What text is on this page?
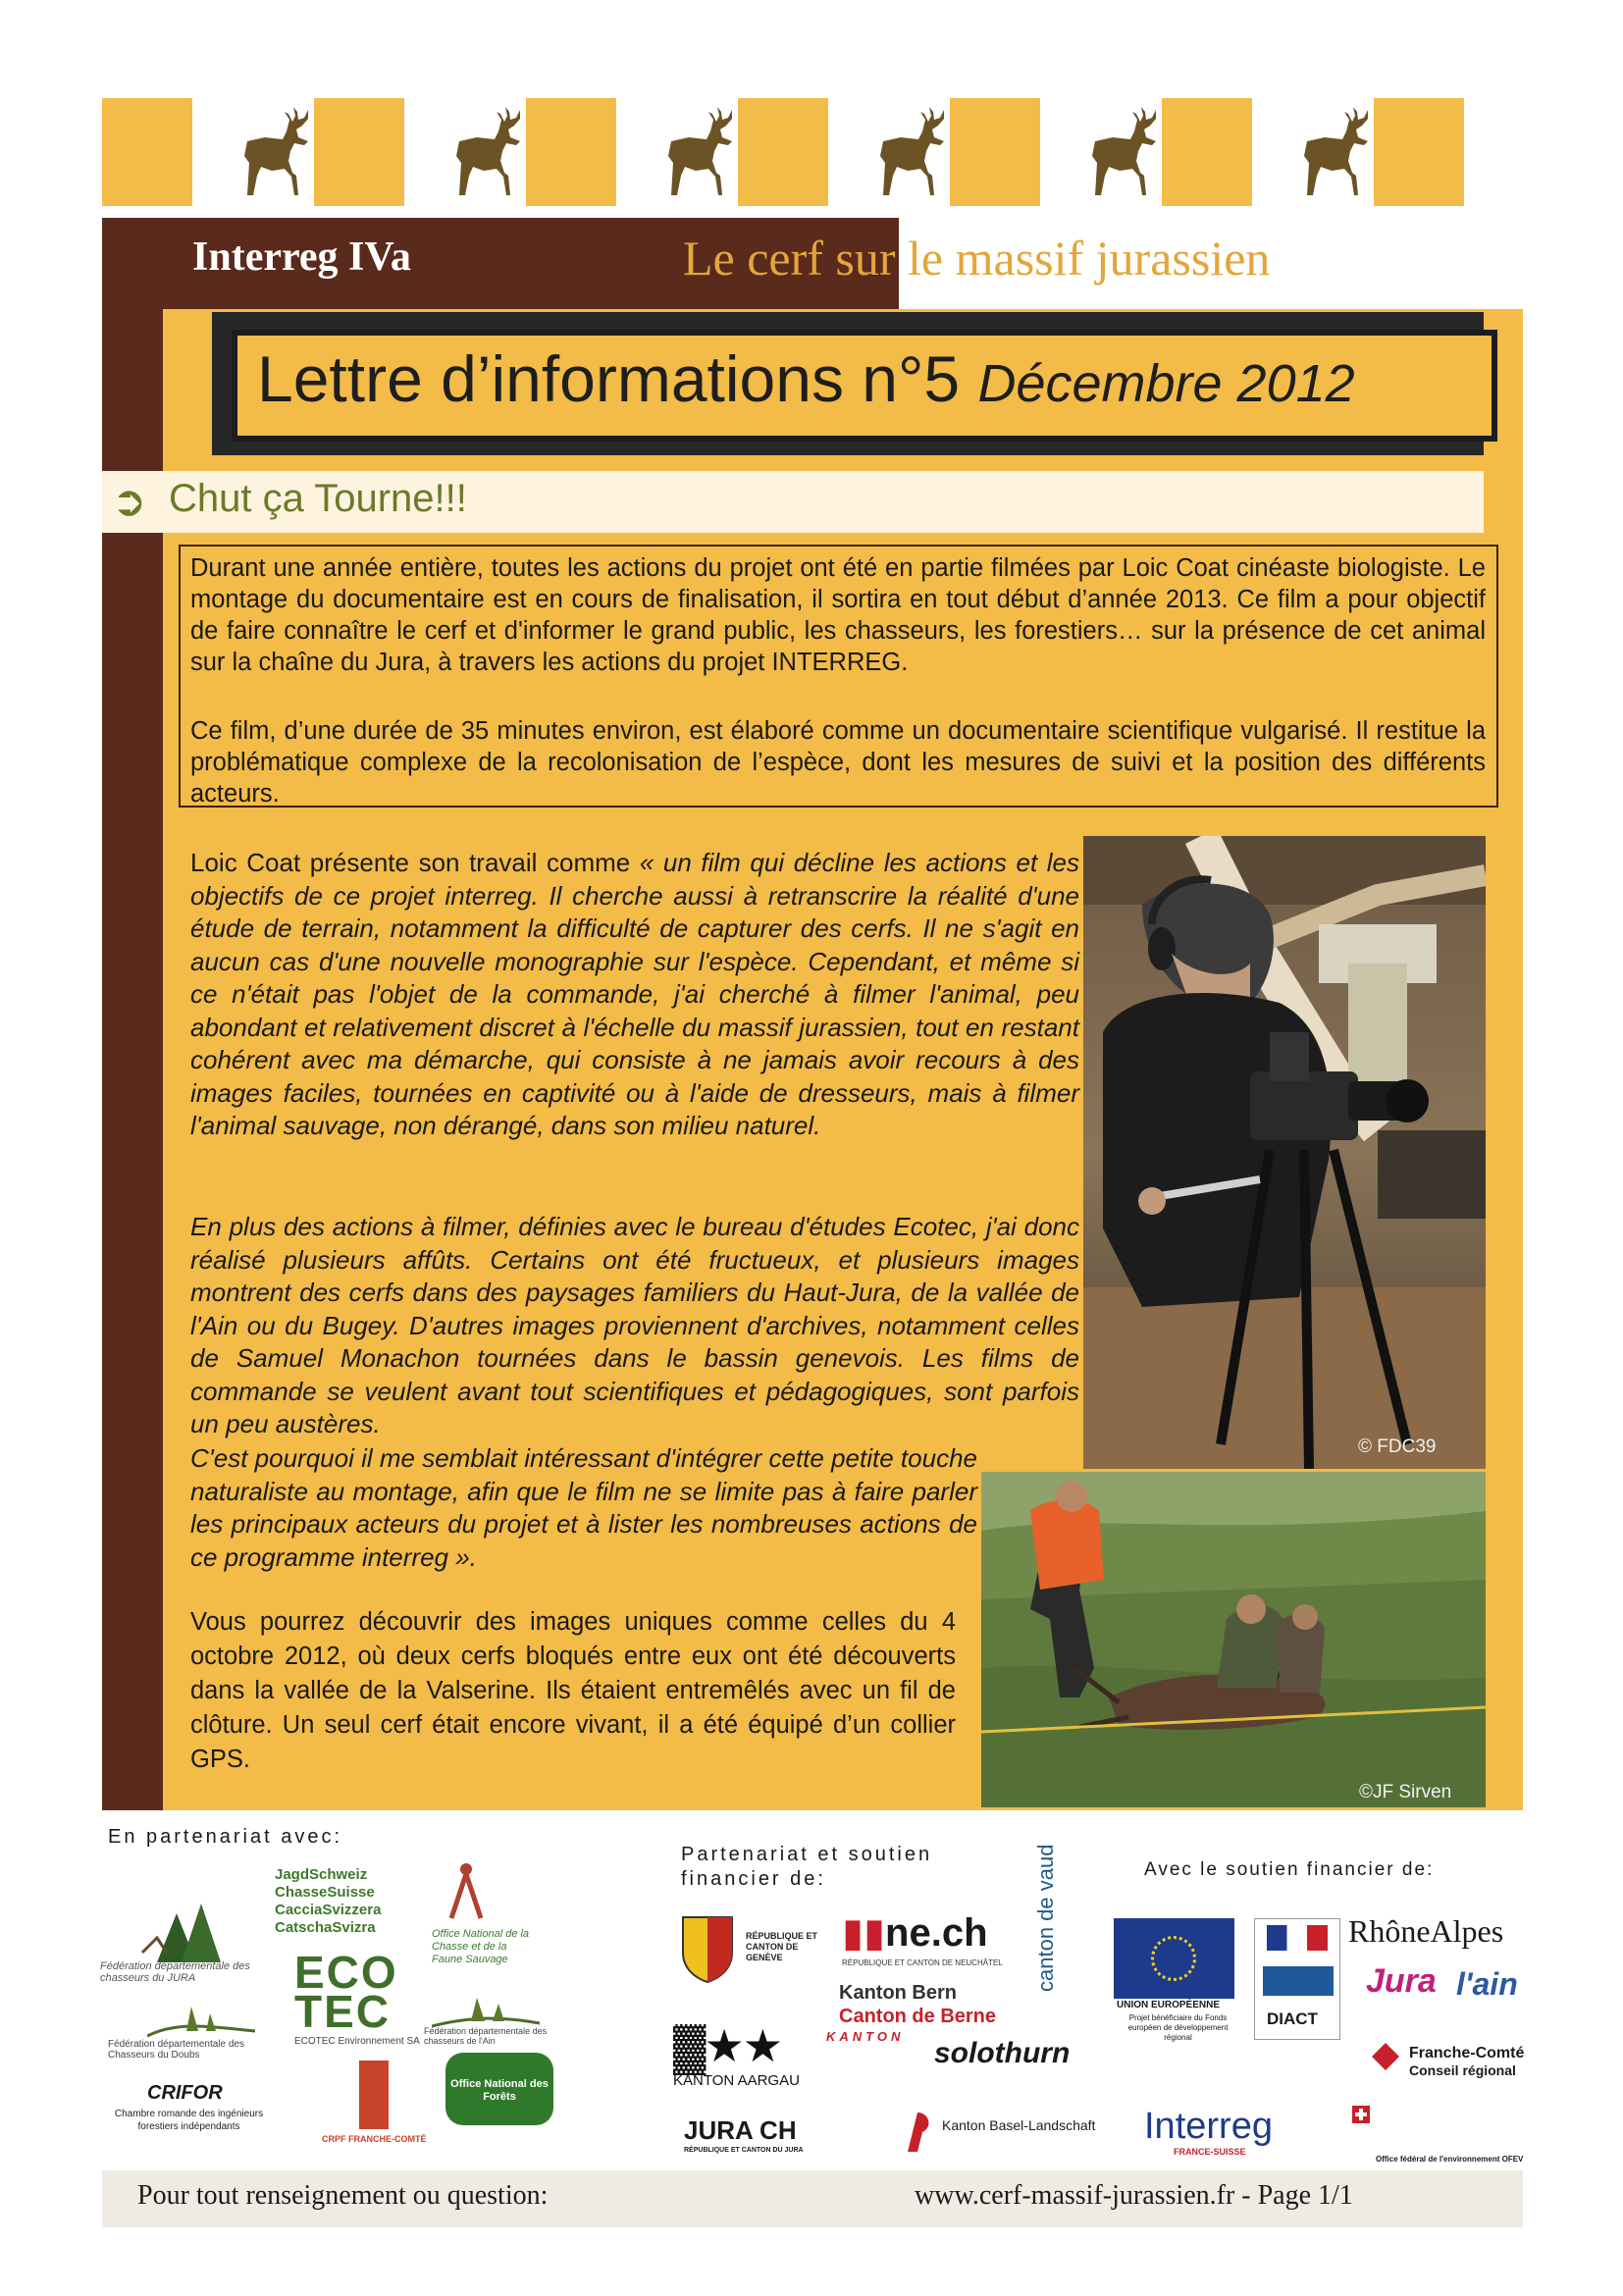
Interreg IVa	Le cerf sur le massif jurassien
Lettre d’informations n°5 Décembre 2012
➲ Chut ça Tourne!!!

Durant une année entière, toutes les actions du projet ont été en partie filmées par Loic Coat cinéaste biologiste. Le montage du documentaire est en cours de finalisation, il sortira en tout début d’année 2013. Ce film a pour objectif de faire connaître le cerf et d'informer le grand public, les chasseurs, les forestiers… sur la présence de cet animal sur la chaîne du Jura, à travers les actions du projet INTERREG.

Ce film, d’une durée de 35 minutes environ, est élaboré comme un documentaire scientifique vulgarisé. Il restitue la problématique complexe de la recolonisation de l’espèce, dont les mesures de suivi et la position des différents acteurs.

Loic Coat présente son travail comme « un film qui décline les actions et les objectifs de ce projet interreg. Il cherche aussi à retranscrire la réalité d'une étude de terrain, notamment la difficulté de capturer des cerfs. Il ne s'agit en aucun cas d'une nouvelle monographie sur l'espèce. Cependant, et même si ce n'était pas l'objet de la commande, j'ai cherché à filmer l'animal, peu abondant et relativement discret à l'échelle du massif jurassien, tout en restant cohérent avec ma démarche, qui consiste à ne jamais avoir recours à des images faciles, tournées en captivité ou à l'aide de dresseurs, mais à filmer l'animal sauvage, non dérangé, dans son milieu naturel.

En plus des actions à filmer, définies avec le bureau d'études Ecotec, j'ai donc réalisé plusieurs affûts. Certains ont été fructueux, et plusieurs images montrent des cerfs dans des paysages familiers du Haut-Jura, de la vallée de l'Ain ou du Bugey. D'autres images proviennent d'archives, notamment celles de Samuel Monachon tournées dans le bassin genevois. Les films de commande se veulent avant tout scientifiques et pédagogiques, sont parfois un peu austères.

C'est pourquoi il me semblait intéressant d'intégrer cette petite touche naturaliste au montage, afin que le film ne se limite pas à faire parler les principaux acteurs du projet et à lister les nombreuses actions de ce programme interreg ».

Vous pourrez découvrir des images uniques comme celles du 4 octobre 2012, où deux cerfs bloqués entre eux ont été découverts dans la vallée de la Valserine. Ils étaient entremêlés avec un fil de clôture. Un seul cerf était encore vivant, il a été équipé d’un collier GPS.

© FDC39
©JF Sirven
En partenariat avec:
Partenariat et soutien financier de:	Avec le soutien financier de:
Fédération départementale des chasseurs du JURA
JagdSchweiz
ChasseSuisse
CacciaSvizzera
CatschaSvizra	Office National de la Chasse et de la Faune Sauvage
ECO TEC
ECOTEC Environnement SA
Fédération départementale des Chasseurs du Doubs
Fédération départementale des chasseurs de l'Ain
CRIFOR
Chambre romande des ingénieurs forestiers indépendants
CRPF FRANCHE-COMTÉ
Office National des Forêts
RÉPUBLIQUE ET CANTON DE GENÈVE
▮▮ne.ch
RÉPUBLIQUE ET CANTON DE NEUCHÂTEL canton de vaud
Kanton Bern
Canton de Berne
▓★★
KANTON AARGAU
KANTON
solothurn
JURA CH
RÉPUBLIQUE ET CANTON DU JURA
Kanton Basel-Landschaft
UNION EUROPÉENNE
Projet bénéficiaire du Fonds européen de développement régional
DIACT
RhôneAlpes
Jura l'ain
Franche-Comté
Conseil régional
Interreg
FRANCE-SUISSE
Office fédéral de l'environnement OFEV
Pour tout renseignement ou question:	www.cerf-massif-jurassien.fr - Page 1/1
